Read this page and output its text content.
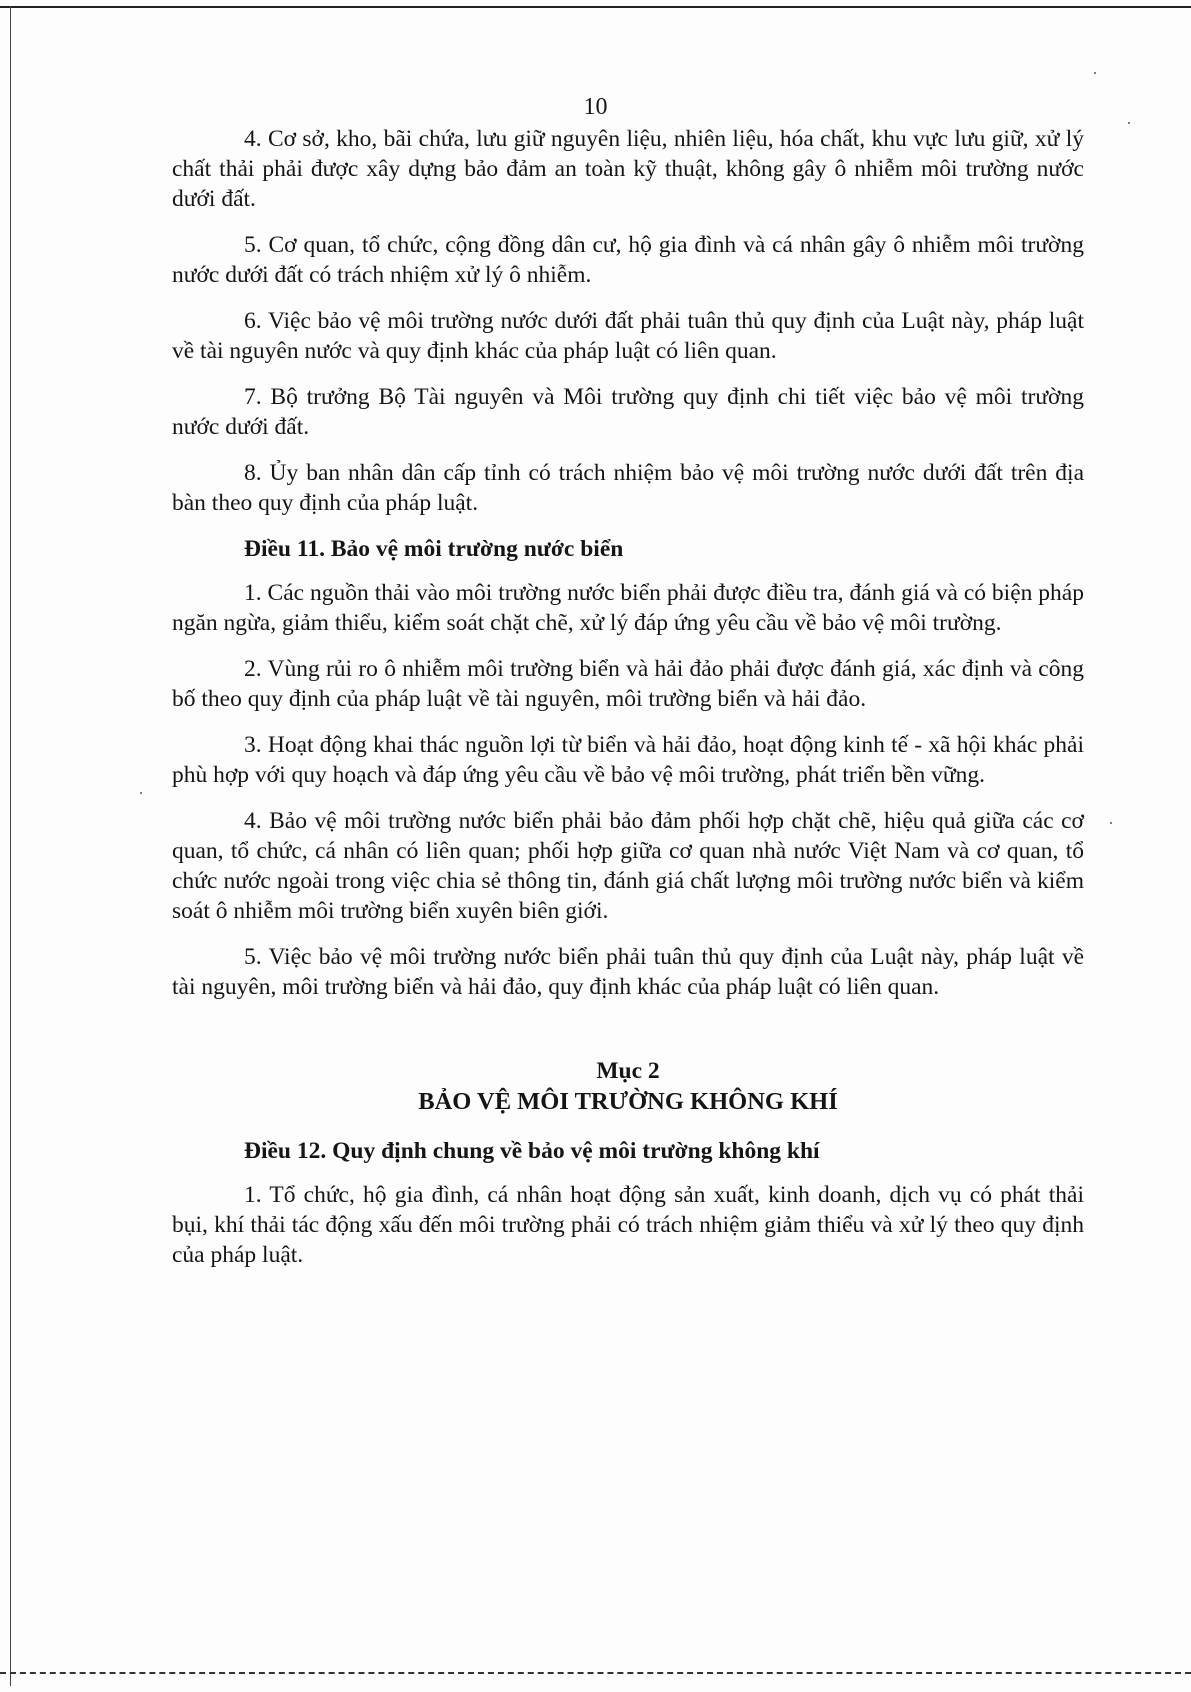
10

4. Cơ sở, kho, bãi chứa, lưu giữ nguyên liệu, nhiên liệu, hóa chất, khu vực lưu giữ, xử lý chất thải phải được xây dựng bảo đảm an toàn kỹ thuật, không gây ô nhiễm môi trường nước dưới đất.

5. Cơ quan, tổ chức, cộng đồng dân cư, hộ gia đình và cá nhân gây ô nhiễm môi trường nước dưới đất có trách nhiệm xử lý ô nhiễm.

6. Việc bảo vệ môi trường nước dưới đất phải tuân thủ quy định của Luật này, pháp luật về tài nguyên nước và quy định khác của pháp luật có liên quan.

7. Bộ trưởng Bộ Tài nguyên và Môi trường quy định chi tiết việc bảo vệ môi trường nước dưới đất.

8. Ủy ban nhân dân cấp tỉnh có trách nhiệm bảo vệ môi trường nước dưới đất trên địa bàn theo quy định của pháp luật.

Điều 11. Bảo vệ môi trường nước biển

1. Các nguồn thải vào môi trường nước biển phải được điều tra, đánh giá và có biện pháp ngăn ngừa, giảm thiểu, kiểm soát chặt chẽ, xử lý đáp ứng yêu cầu về bảo vệ môi trường.

2. Vùng rủi ro ô nhiễm môi trường biển và hải đảo phải được đánh giá, xác định và công bố theo quy định của pháp luật về tài nguyên, môi trường biển và hải đảo.

3. Hoạt động khai thác nguồn lợi từ biển và hải đảo, hoạt động kinh tế - xã hội khác phải phù hợp với quy hoạch và đáp ứng yêu cầu về bảo vệ môi trường, phát triển bền vững.

4. Bảo vệ môi trường nước biển phải bảo đảm phối hợp chặt chẽ, hiệu quả giữa các cơ quan, tổ chức, cá nhân có liên quan; phối hợp giữa cơ quan nhà nước Việt Nam và cơ quan, tổ chức nước ngoài trong việc chia sẻ thông tin, đánh giá chất lượng môi trường nước biển và kiểm soát ô nhiễm môi trường biển xuyên biên giới.

5. Việc bảo vệ môi trường nước biển phải tuân thủ quy định của Luật này, pháp luật về tài nguyên, môi trường biển và hải đảo, quy định khác của pháp luật có liên quan.

Mục 2
BẢO VỆ MÔI TRƯỜNG KHÔNG KHÍ
Điều 12. Quy định chung về bảo vệ môi trường không khí

1. Tổ chức, hộ gia đình, cá nhân hoạt động sản xuất, kinh doanh, dịch vụ có phát thải bụi, khí thải tác động xấu đến môi trường phải có trách nhiệm giảm thiểu và xử lý theo quy định của pháp luật.
